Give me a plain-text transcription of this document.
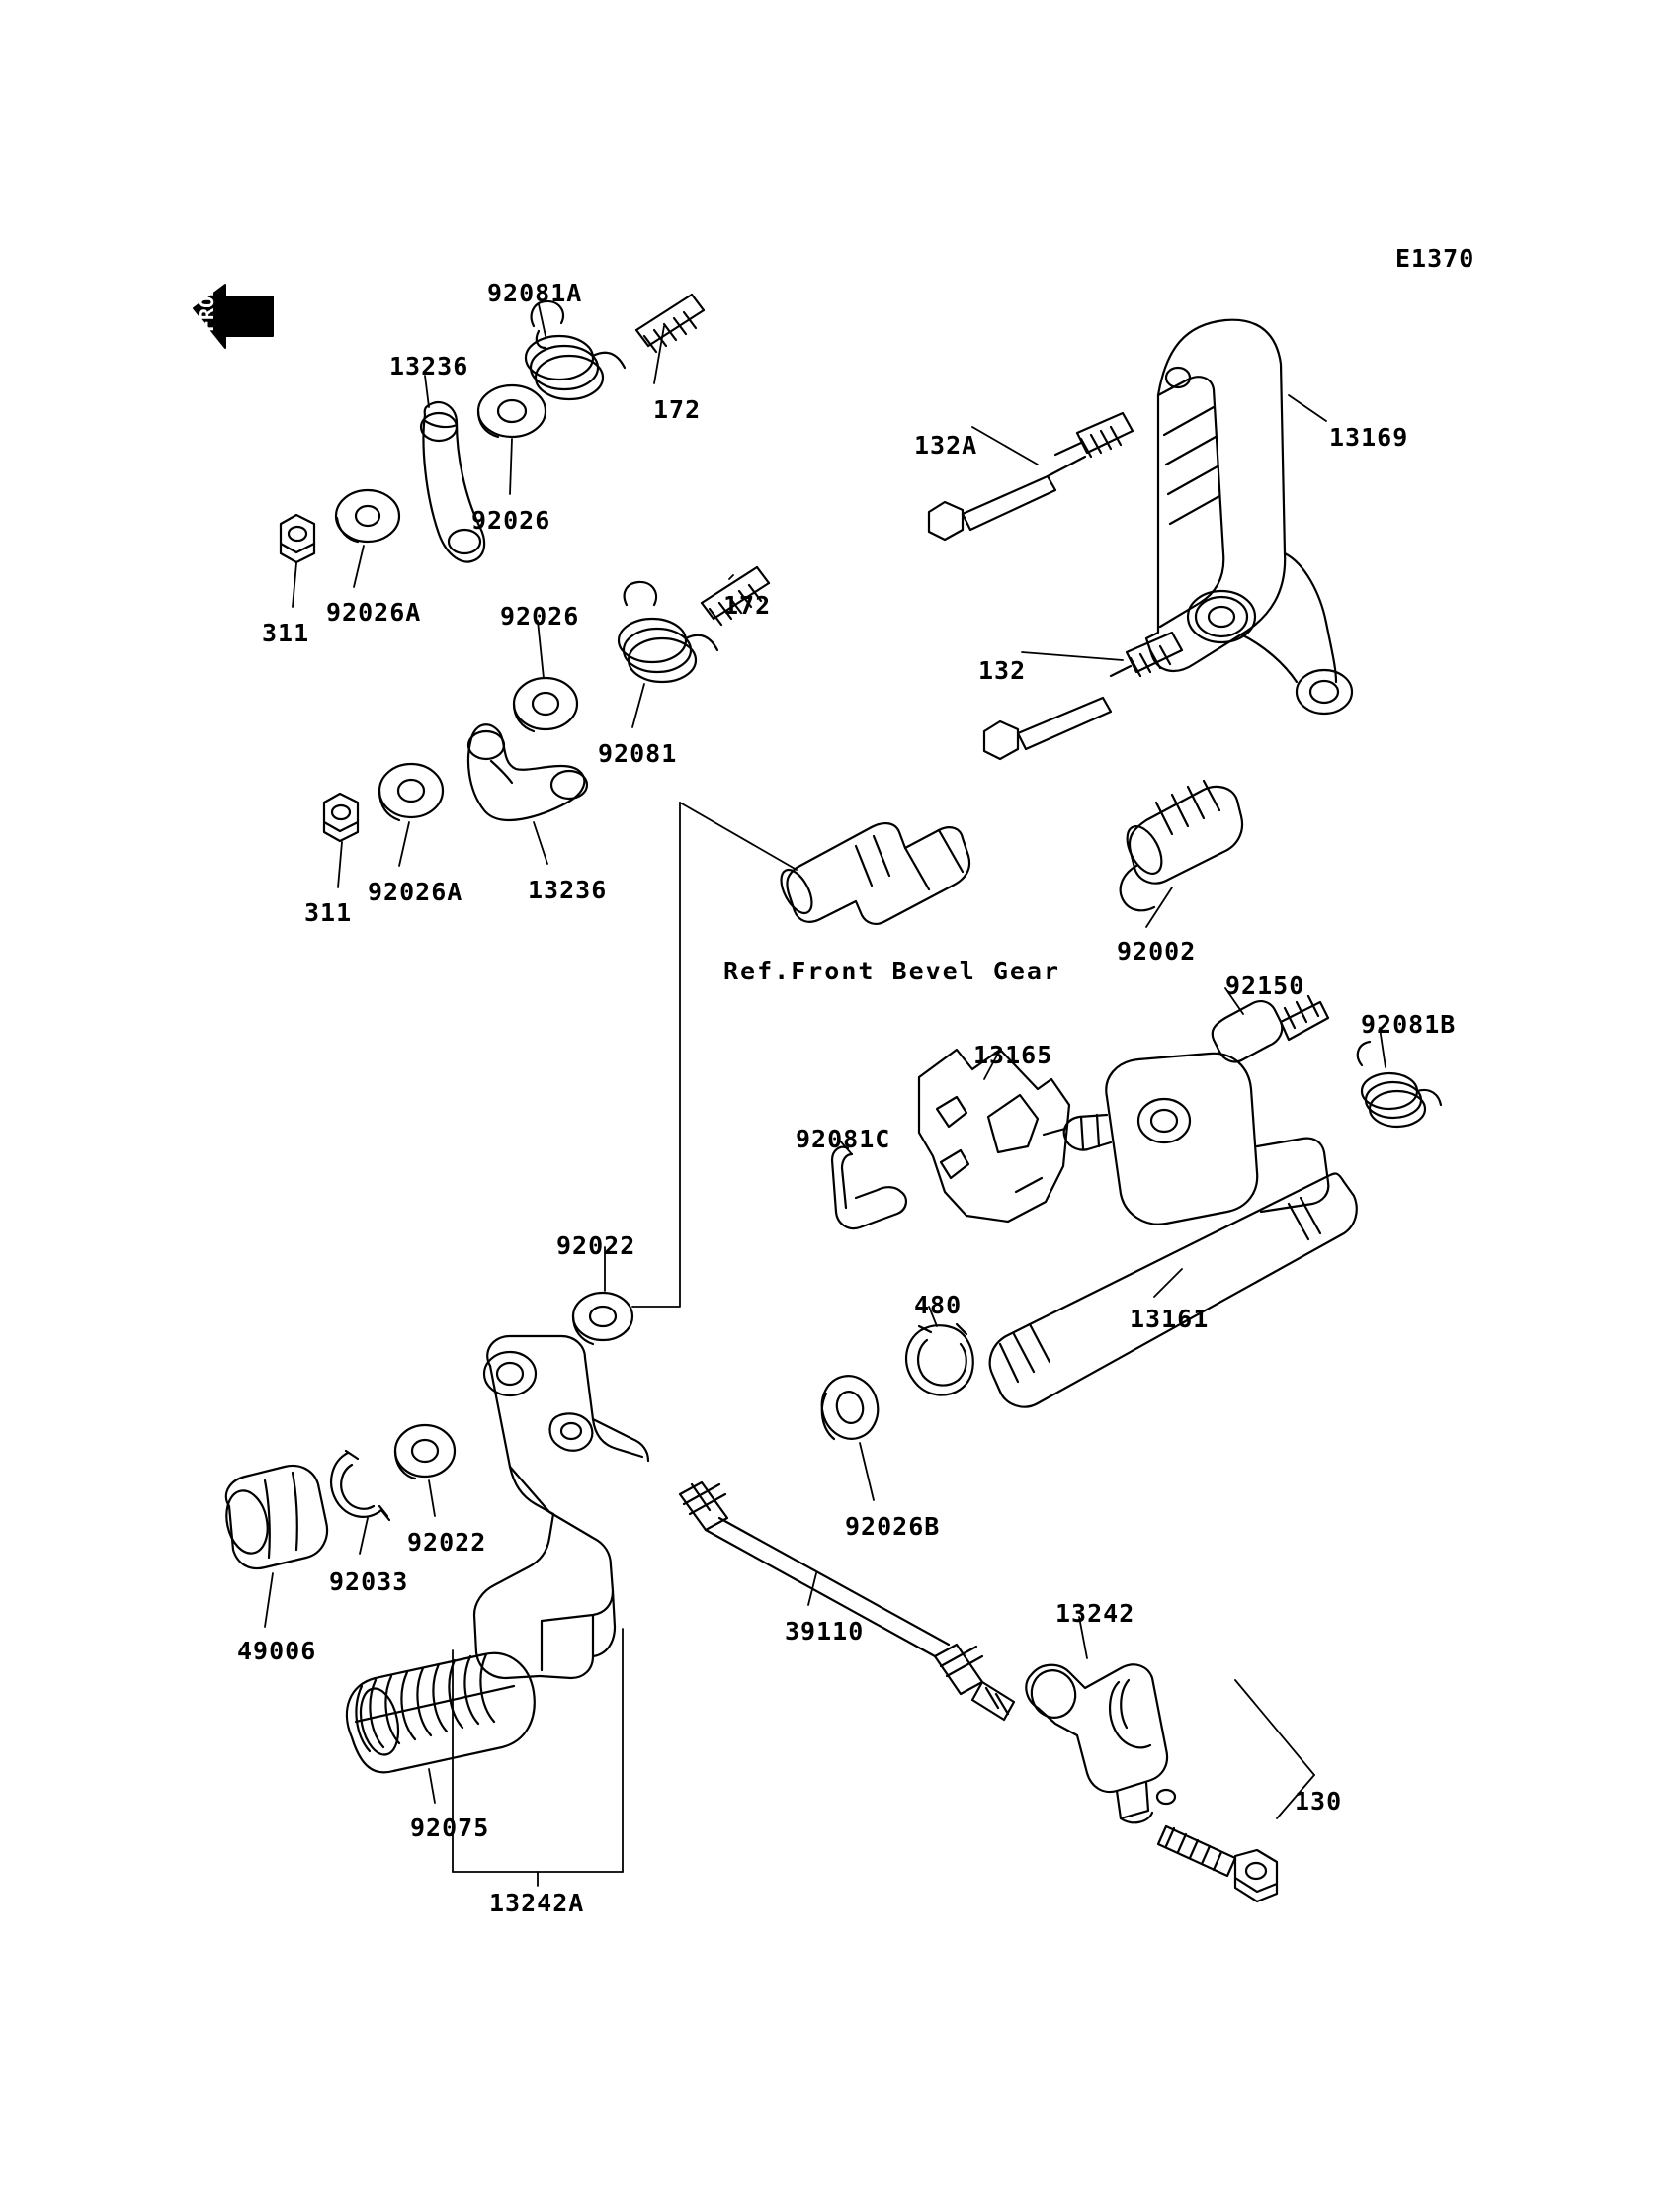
FRONT
E1370
Ref.Front Bevel Gear
92081A
13236
172
92026
92026A
311
92026	172
92081
92026A
311
13236
132A	13169
132
92002
92150
92081B
13165
92081C
92022
480	13161
92026B
92022
92033
49006
39110
13242
130
92075
13242A
